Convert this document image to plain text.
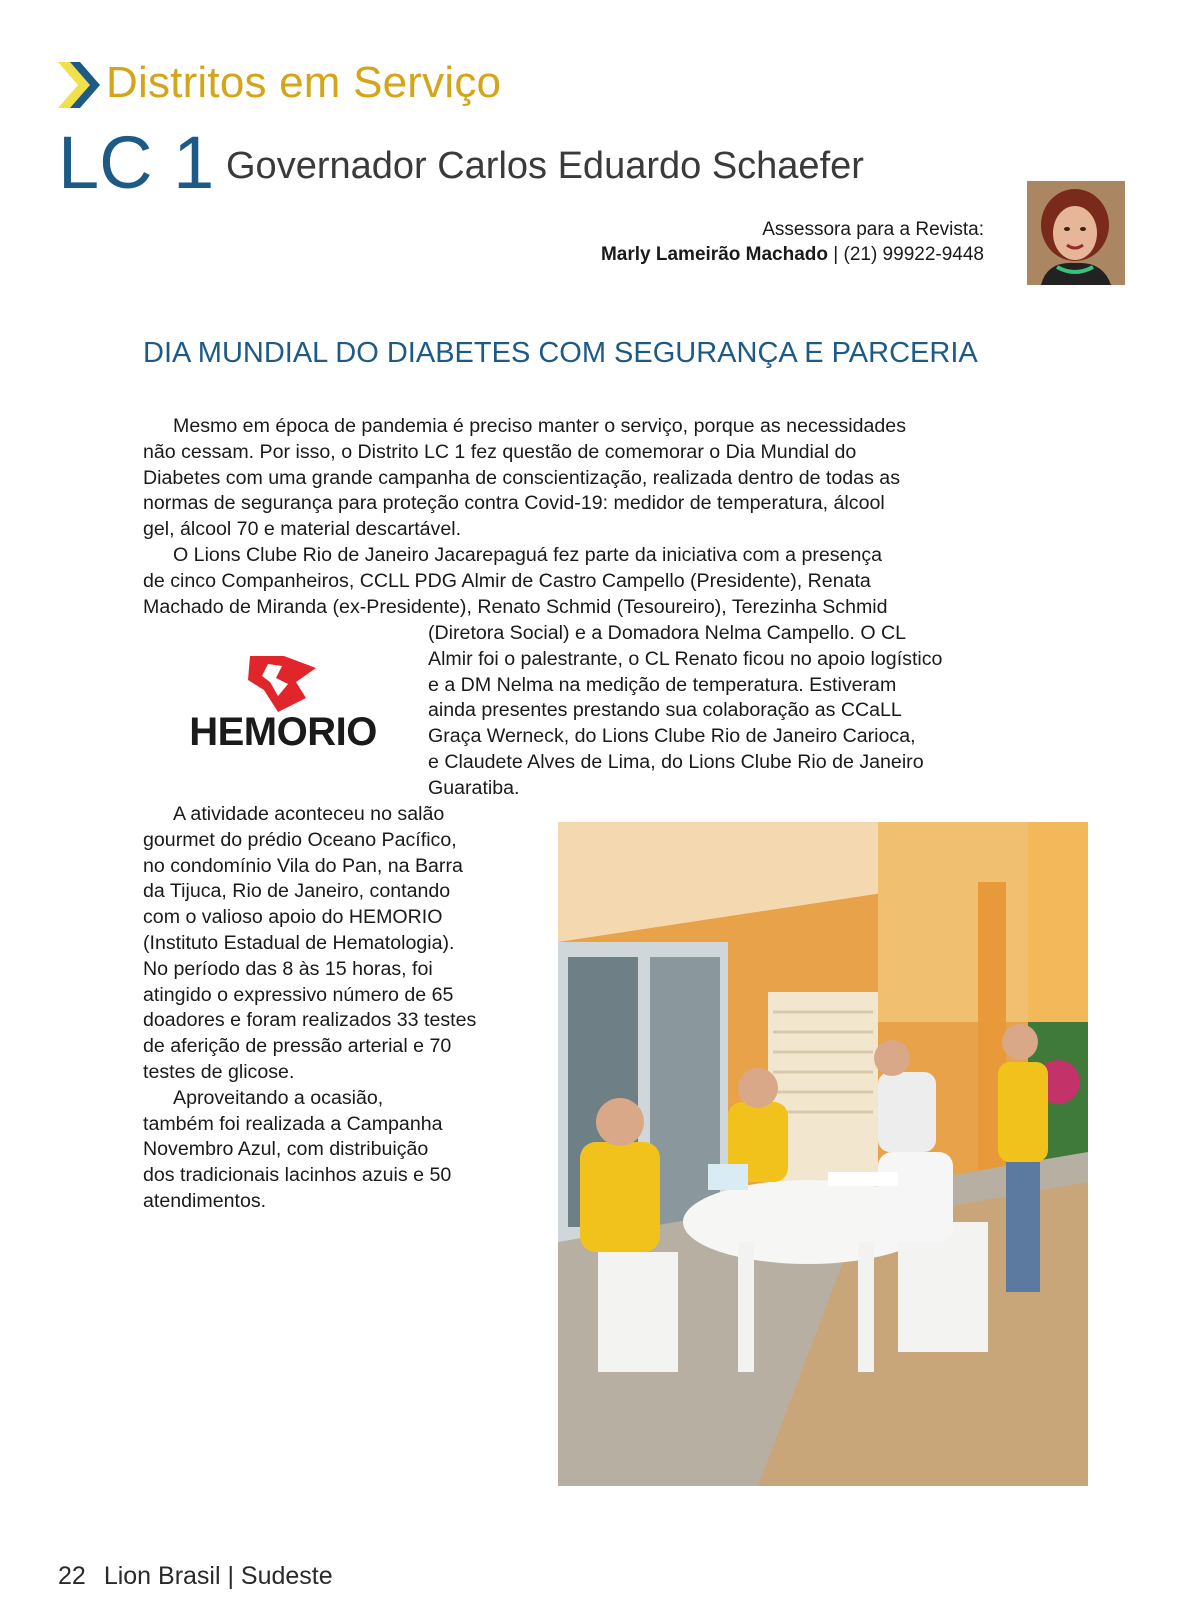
Distritos em Serviço
LC 1 Governador Carlos Eduardo Schaefer
Assessora para a Revista:
Marly Lameirão Machado | (21) 99922-9448
DIA MUNDIAL DO DIABETES COM SEGURANÇA E PARCERIA

Mesmo em época de pandemia é preciso manter o serviço, porque as necessidades

não cessam. Por isso, o Distrito LC 1 fez questão de comemorar o Dia Mundial do

Diabetes com uma grande campanha de conscientização, realizada dentro de todas as

normas de segurança para proteção contra Covid-19: medidor de temperatura, álcool

gel, álcool 70 e material descartável.

O Lions Clube Rio de Janeiro Jacarepaguá fez parte da iniciativa com a presença

de cinco Companheiros, CCLL PDG Almir de Castro Campello (Presidente), Renata

Machado de Miranda (ex-Presidente), Renato Schmid (Tesoureiro), Terezinha Schmid

HEMORIO

(Diretora Social) e a Domadora Nelma Campello. O CL

Almir foi o palestrante, o CL Renato ficou no apoio logístico

e a DM Nelma na medição de temperatura. Estiveram

ainda presentes prestando sua colaboração as CCaLL

Graça Werneck, do Lions Clube Rio de Janeiro Carioca,

e Claudete Alves de Lima, do Lions Clube Rio de Janeiro

Guaratiba.

A atividade aconteceu no salão

gourmet do prédio Oceano Pacífico,

no condomínio Vila do Pan, na Barra

da Tijuca, Rio de Janeiro, contando

com o valioso apoio do HEMORIO

(Instituto Estadual de Hematologia).

No período das 8 às 15 horas, foi

atingido o expressivo número de 65

doadores e foram realizados 33 testes

de aferição de pressão arterial e 70

testes de glicose.

Aproveitando a ocasião,

também foi realizada a Campanha

Novembro Azul, com distribuição

dos tradicionais lacinhos azuis e 50

atendimentos.

22 Lion Brasil | Sudeste
